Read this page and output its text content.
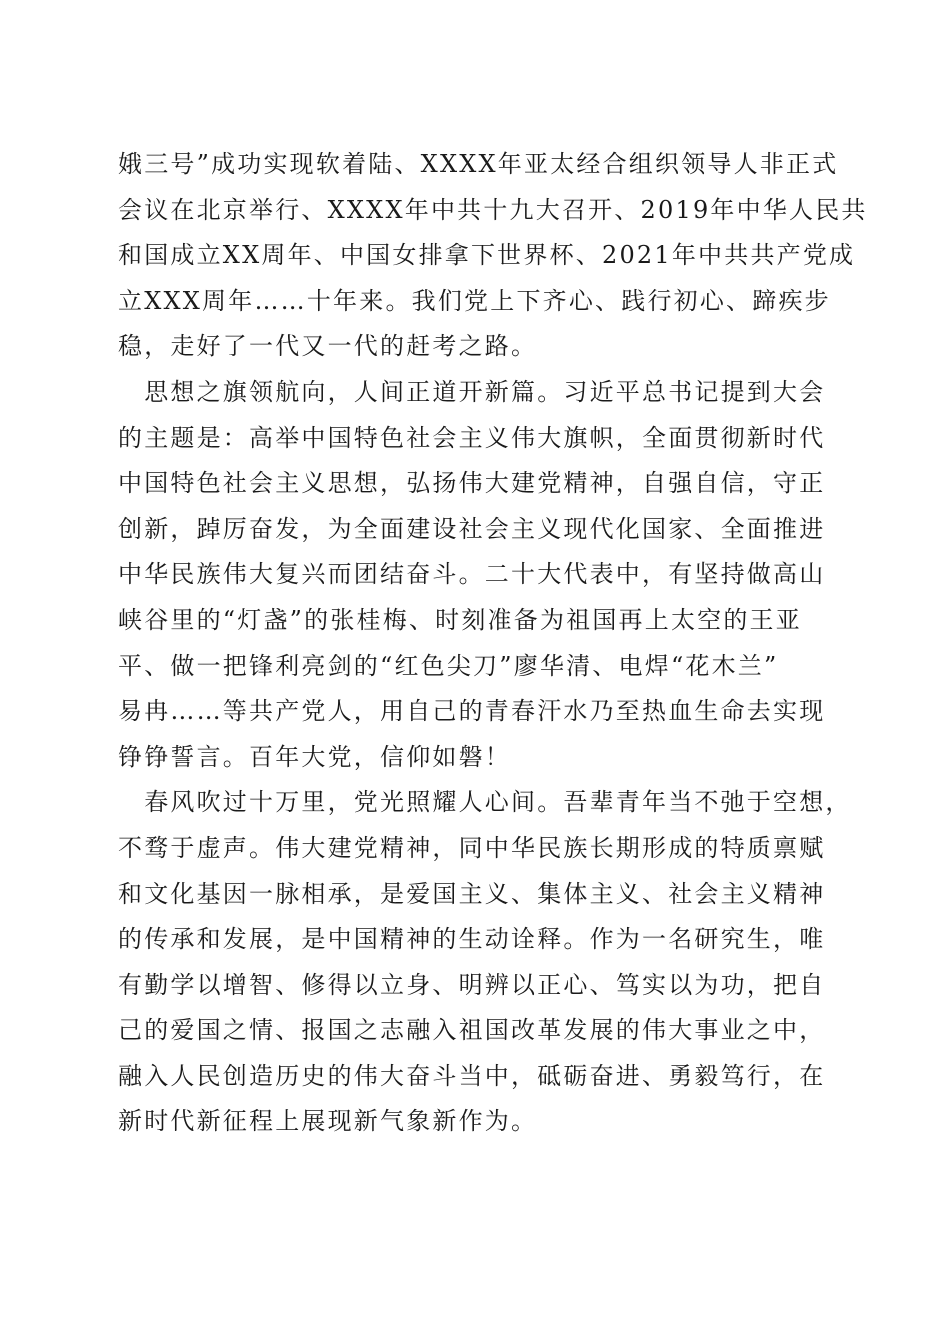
娥三号”成功实现软着陆、XXXX年亚太经合组织领导人非正式
会议在北京举行、XXXX年中共十九大召开、2019年中华人民共
和国成立XX周年、中国女排拿下世界杯、2021年中共共产党成
立XXX周年……十年来。我们党上下齐心、践行初心、蹄疾步
稳，走好了一代又一代的赶考之路。
　思想之旗领航向，人间正道开新篇。习近平总书记提到大会
的主题是：高举中国特色社会主义伟大旗帜，全面贯彻新时代
中国特色社会主义思想，弘扬伟大建党精神，自强自信，守正
创新，踔厉奋发，为全面建设社会主义现代化国家、全面推进
中华民族伟大复兴而团结奋斗。二十大代表中，有坚持做高山
峡谷里的“灯盏”的张桂梅、时刻准备为祖国再上太空的王亚
平、做一把锋利亮剑的“红色尖刀”廖华清、电焊“花木兰”
易冉……等共产党人，用自己的青春汗水乃至热血生命去实现
铮铮誓言。百年大党，信仰如磐！
　春风吹过十万里，党光照耀人心间。吾辈青年当不弛于空想，
不骛于虚声。伟大建党精神，同中华民族长期形成的特质禀赋
和文化基因一脉相承，是爱国主义、集体主义、社会主义精神
的传承和发展，是中国精神的生动诠释。作为一名研究生，唯
有勤学以增智、修得以立身、明辨以正心、笃实以为功，把自
己的爱国之情、报国之志融入祖国改革发展的伟大事业之中，
融入人民创造历史的伟大奋斗当中，砥砺奋进、勇毅笃行，在
新时代新征程上展现新气象新作为。
